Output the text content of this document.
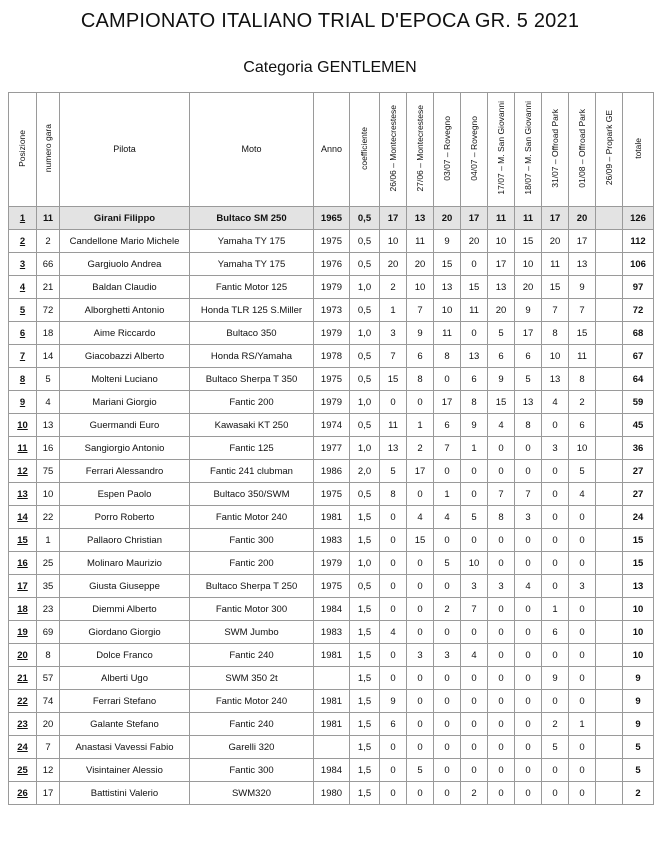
CAMPIONATO ITALIANO TRIAL D'EPOCA GR. 5 2021
Categoria GENTLEMEN
Posizione	numero gara	Pilota	Moto	Anno	coefficiente	26/06 – Montecrestese	27/06 – Montecrestese	03/07 – Rovegno	04/07 – Rovegno	17/07 – M. San Giovanni	18/07 – M. San Giovanni	31/07 – Offroad Park	01/08 – Offroad Park	26/09 – Propark GE	totale
1	11	Girani Filippo	Bultaco SM 250	1965	0,5	17	13	20	17	11	11	17	20		126
2	2	Candellone Mario Michele	Yamaha TY 175	1975	0,5	10	11	9	20	10	15	20	17		112
3	66	Gargiuolo Andrea	Yamaha TY 175	1976	0,5	20	20	15	0	17	10	11	13		106
4	21	Baldan Claudio	Fantic Motor 125	1979	1,0	2	10	13	15	13	20	15	9		97
5	72	Alborghetti Antonio	Honda TLR 125 S.Miller	1973	0,5	1	7	10	11	20	9	7	7		72
6	18	Aime Riccardo	Bultaco 350	1979	1,0	3	9	11	0	5	17	8	15		68
7	14	Giacobazzi Alberto	Honda RS/Yamaha	1978	0,5	7	6	8	13	6	6	10	11		67
8	5	Molteni Luciano	Bultaco Sherpa T 350	1975	0,5	15	8	0	6	9	5	13	8		64
9	4	Mariani Giorgio	Fantic 200	1979	1,0	0	0	17	8	15	13	4	2		59
10	13	Guermandi Euro	Kawasaki KT 250	1974	0,5	11	1	6	9	4	8	0	6		45
11	16	Sangiorgio Antonio	Fantic 125	1977	1,0	13	2	7	1	0	0	3	10		36
12	75	Ferrari Alessandro	Fantic 241 clubman	1986	2,0	5	17	0	0	0	0	0	5		27
13	10	Espen Paolo	Bultaco 350/SWM	1975	0,5	8	0	1	0	7	7	0	4		27
14	22	Porro Roberto	Fantic Motor 240	1981	1,5	0	4	4	5	8	3	0	0		24
15	1	Pallaoro Christian	Fantic 300	1983	1,5	0	15	0	0	0	0	0	0		15
16	25	Molinaro Maurizio	Fantic 200	1979	1,0	0	0	5	10	0	0	0	0		15
17	35	Giusta Giuseppe	Bultaco Sherpa T 250	1975	0,5	0	0	0	3	3	4	0	3		13
18	23	Diemmi Alberto	Fantic Motor 300	1984	1,5	0	0	2	7	0	0	1	0		10
19	69	Giordano Giorgio	SWM Jumbo	1983	1,5	4	0	0	0	0	0	6	0		10
20	8	Dolce Franco	Fantic 240	1981	1,5	0	3	3	4	0	0	0	0		10
21	57	Alberti Ugo	SWM 350 2t		1,5	0	0	0	0	0	0	9	0		9
22	74	Ferrari Stefano	Fantic Motor 240	1981	1,5	9	0	0	0	0	0	0	0		9
23	20	Galante Stefano	Fantic 240	1981	1,5	6	0	0	0	0	0	2	1		9
24	7	Anastasi Vavessi Fabio	Garelli 320		1,5	0	0	0	0	0	0	5	0		5
25	12	Visintainer Alessio	Fantic 300	1984	1,5	0	5	0	0	0	0	0	0		5
26	17	Battistini Valerio	SWM320	1980	1,5	0	0	0	2	0	0	0	0		2
